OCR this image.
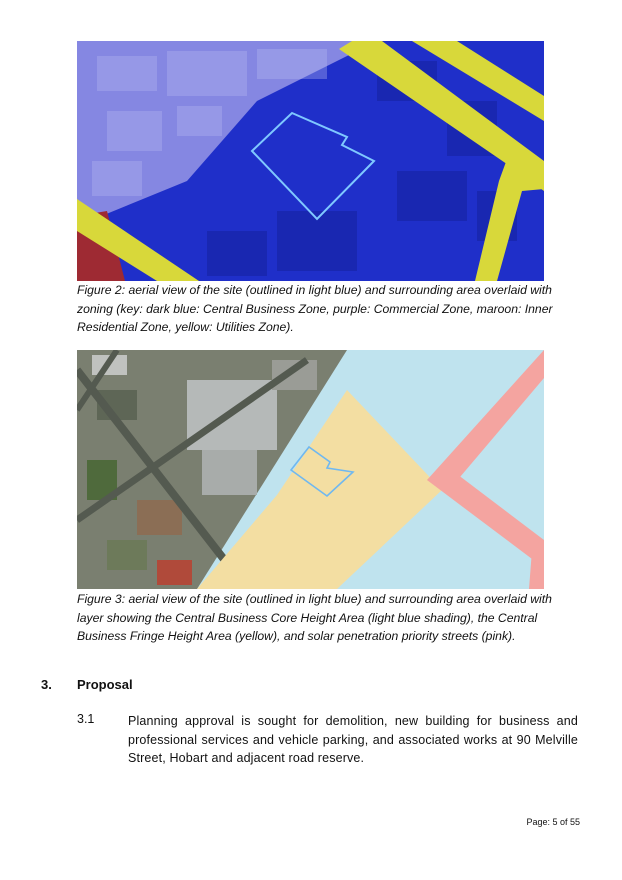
Figure 2: aerial view of the site (outlined in light blue) and surrounding area overlaid with zoning (key: dark blue: Central Business Zone, purple: Commercial Zone, maroon: Inner Residential Zone, yellow: Utilities Zone).

Figure 3: aerial view of the site (outlined in light blue) and surrounding area overlaid with layer showing the Central Business Core Height Area (light blue shading), the Central Business Fringe Height Area (yellow), and solar penetration priority streets (pink).

3. Proposal
3.1	Planning approval is sought for demolition, new building for business and professional services and vehicle parking, and associated works at 90 Melville Street, Hobart and adjacent road reserve.

Page: 5 of 55
